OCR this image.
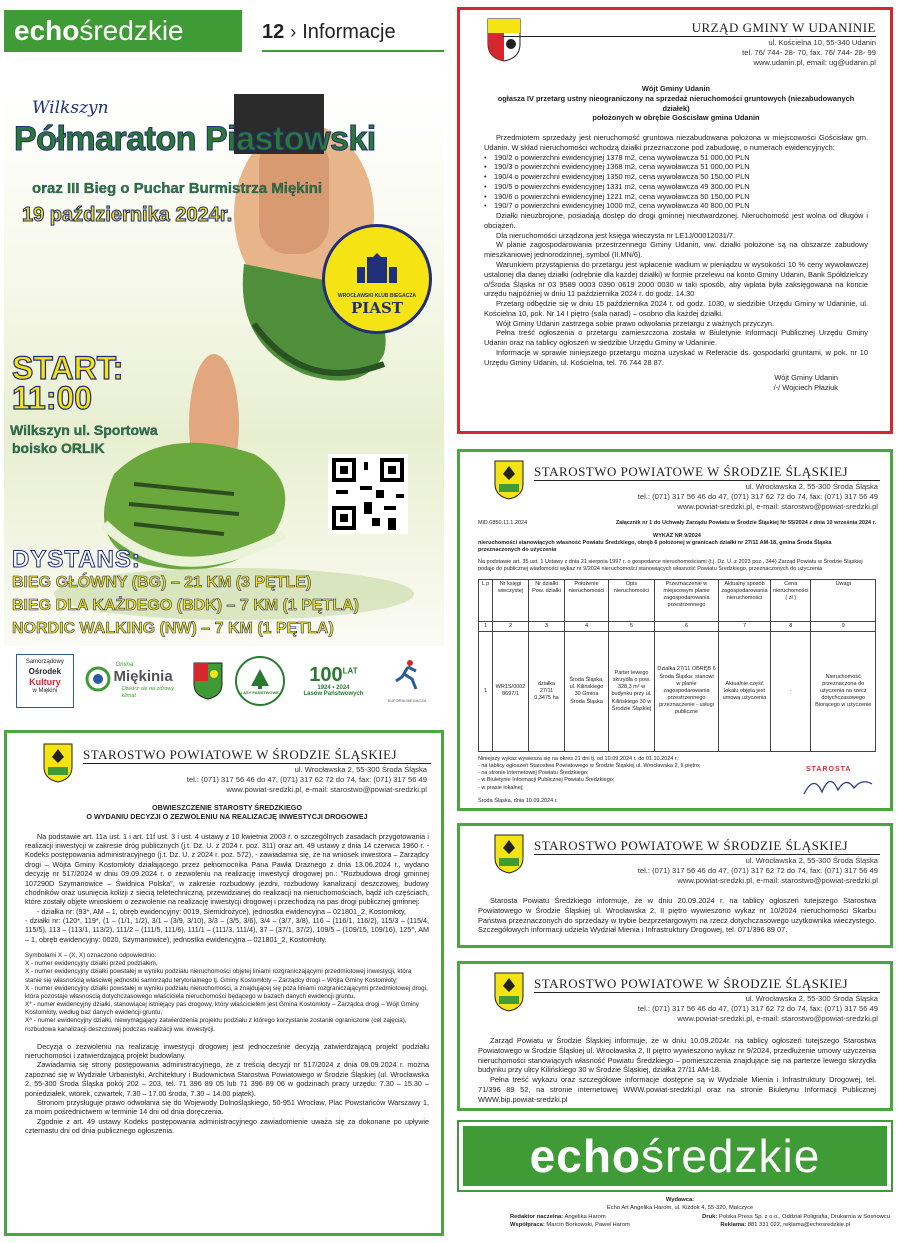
echo średzkie	12 › Informacje
Wilkszyn
Półmaraton Piastowski
oraz III Bieg o Puchar Burmistrza Miękini
19 października 2024r.
WROCŁAWSKI KLUB BIEGACZA
PIAST
START:
11:00
Wilkszyn ul. Sportowa
boisko ORLIK
DYSTANS:
BIEG GŁÓWNY (BG) – 21 KM (3 PĘTLE)
BIEG DLA KAŻDEGO (BDK) – 7 KM (1 PĘTLA)
NORDIC WALKING (NW) – 7 KM (1 PĘTLA)
Samorządowy
Ośrodek
Kultury
w Miękini
Gmina
Miękinia
Otwórz się na zdrowy klimat
LASY PAŃSTWOWE
$100^{LAT}$
1924 • 2024
Lasów Państwowych
EUFORIA BIEGACZA
URZĄD GMINY W UDANINIE
ul. Kościelna 10, 55-340 Udanin
tel. 76/ 744- 28- 70, fax. 76/ 744- 28- 99
www.udanin.pl, email: ug@udanin.pl
Wójt Gminy Udanin
ogłasza IV przetarg ustny nieograniczony na sprzedaż nieruchomości gruntowych (niezabudowanych działek)
położonych w obrębie Gościsław gmina Udanin

Przedmiotem sprzedaży jest nieruchomość gruntowa niezabudowana położona w miejscowości Gościsław gm. Udanin. W skład nieruchomości wchodzą działki przeznaczone pod zabudowę, o numerach ewidencyjnych:

• 190/2 o powierzchni ewidencyjnej 1378 m2, cena wywoławcza 51 000,00 PLN
• 190/3 o powierzchni ewidencyjnej 1368 m2, cena wywoławcza 51 000,00 PLN
• 190/4 o powierzchni ewidencyjnej 1350 m2, cena wywoławcza 50 150,00 PLN
• 190/5 o powierzchni ewidencyjnej 1331 m2, cena wywoławcza 49 300,00 PLN
• 190/6 o powierzchni ewidencyjnej 1221 m2, cena wywoławcza 50 150,00 PLN
• 190/7 o powierzchni ewidencyjnej 1000 m2, cena wywoławcza 40 800,00 PLN

Działki nieuzbrojone, posiadają dostęp do drogi gminnej nieutwardzonej. Nieruchomość jest wolna od długów i obciążeń.

Dla nieruchomości urządzona jest księga wieczysta nr LE1J/00012031/7.

W planie zagospodarowania przestrzennego Gminy Udanin, ww. działki położone są na obszarze zabudowy mieszkaniowej jednorodzinnej, symbol (II.MN/6).

Warunkiem przystąpienia do przetargu jest wpłacenie wadium w pieniądzu w wysokości 10 % ceny wywoławczej ustalonej dla danej działki (odrębnie dla każdej działki) w formie przelewu na konto Gminy Udanin, Bank Spółdzielczy o/Środa Śląska nr 03 9589 0003 0390 0619 2000 0030 w taki sposób, aby wpłata była zaksięgowana na koncie urzędu najpóźniej w dniu 11 października 2024 r. do godz. 14.30

Przetarg odbędzie się w dniu 15 października 2024 r. od godz. 1030, w siedzibie Urzędu Gminy w Udaninie, ul. Kościelna 10, pok. Nr 14 I piętro (sala narad) – osobno dla każdej działki.

Wójt Gminy Udanin zastrzega sobie prawo odwołania przetargu z ważnych przyczyn.

Pełna treść ogłoszenia o przetargu zamieszczona została w Biuletynie Informacji Publicznej Urzędu Gminy Udanin oraz na tablicy ogłoszeń w siedzibie Urzędu Gminy w Udaninie.

Informacje w sprawie niniejszego przetargu można uzyskać w Referacie ds. gospodarki gruntami, w pok. nr 10 Urzędu Gminy Udanin, ul. Kościelna, tel. 76 744 28 87.

Wójt Gminy Udanin
/-/ Wojciech Płaziuk
STAROSTWO POWIATOWE W ŚRODZIE ŚLĄSKIEJ
ul. Wrocławska 2, 55-300 Środa Śląska
tel.: (071) 317 56 46 do 47, (071) 317 62 72 do 74, fax: (071) 317 56 49
www.powiat-sredzki.pl, e-mail: starostwo@powiat-sredzki.pl
MiD.6850.11.1.2024	Załącznik nr 1 do Uchwały Zarządu Powiatu w Środzie Śląskiej Nr 55/2024 z dnia 10 września 2024 r.
WYKAZ NR 9/2024
nieruchomości stanowiących własność Powiatu Średzkiego, obręb 6 położonej w granicach działki nr 27/11 AM-18, gmina Środa Śląska
przeznaczonych do użyczenia
Na podstawie art. 35 ust. 1 Ustawy z dnia 21 sierpnia 1997 r. o gospodarce nieruchomościami (t.j. Dz. U. z 2023 poz., 344) Zarząd Powiatu w Środzie Śląskiej podaje do publicznej wiadomości wykaz nr 9/2024 nieruchomości stanowiących własność Powiatu Średzkiego, przeznaczonych do użyczenia
L p	Nr księgi wieczystej	Nr działki Pow. działki	Położenie nieruchomości	Opis nieruchomości	Przeznaczenie w miejscowym planie zagospodarowania przestrzennego	Aktualny sposób zagospodarowania nieruchomości	Cena nieruchomości ( zł )	Uwagi
1	2	3	4	5	6	7	8	9
1	WR1S/00028697/1	działka 27/11 0,3475 ha	Środa Śląska, ul. Kilińskiego 30 Gmina Środa Śląska	Parter lewego skrzydła o pow. 328,3 m² w budynku przy ul. Kilińskiego 30 w Środzie Śląskiej	Działka 27/11 OBRĘB 6 Środa Śląska: stanowi w planie zagospodarowania przestrzennego przeznaczenie - usługi publiczne	Aktualnie część lokalu objęta jest umową użyczenia	-	Nieruchomość przeznaczona do użyczenia na rzecz dotychczasowego Biorącego w użyczenie
Niniejszy wykaz wywiesza się na okres 21 dni tj. od 10.09.2024 r. do 01.10.2024 r.:
- na tablicy ogłoszeń Starostwa Powiatowego w Środzie Śląskiej ul. Wrocławska 2, II piętro;
- na stronie internetowej Powiatu Średzkiego;
- w Biuletynie Informacji Publicznej Powiatu Średzkiego;
- w prasie lokalnej;
Środa Śląska, dnia 10.09.2024 r.
STAROSTA
STAROSTWO POWIATOWE W ŚRODZIE ŚLĄSKIEJ
ul. Wrocławska 2, 55-300 Środa Śląska
tel.: (071) 317 56 46 do 47, (071) 317 62 72 do 74, fax: (071) 317 56 49
www.powiat-sredzki.pl, e-mail: starostwo@powiat-sredzki.pl

Starosta Powiatu Średzkiego informuje, że w dniu 20.09.2024 r. na tablicy ogłoszeń tutejszego Starostwa Powiatowego w Środzie Śląskiej ul. Wrocławska 2, II piętro wywieszono wykaz nr 10/2024 nieruchomości Skarbu Państwa przeznaczonych do sprzedaży w trybie bezprzetargowym na rzecz dotychczasowego użytkownika wieczystego. Szczegółowych informacji udziela Wydział Mienia i Infrastruktury Drogowej, tel. 071/396 89 07.

STAROSTWO POWIATOWE W ŚRODZIE ŚLĄSKIEJ
ul. Wrocławska 2, 55-300 Środa Śląska
tel.: (071) 317 56 46 do 47, (071) 317 62 72 do 74, fax: (071) 317 56 49
www.powiat-sredzki.pl, e-mail: starostwo@powiat-sredzki.pl

Zarząd Powiatu w Środzie Śląskiej informuje, że w dniu 10.09.2024r. na tablicy ogłoszeń tutejszego Starostwa Powiatowego w Środzie Śląskiej ul. Wrocławska 2, II piętro wywieszono wykaz nr 9/2024, przedłużenie umowy użyczenia nieruchomości stanowiących własność Powiatu Średzkiego – pomieszczenia znajdujące się na parterze lewego skrzydła budynku przy ulicy Kilińskiego 30 w Środzie Śląskiej, działka 27/11 AM-18.

Pełna treść wykazu oraz szczegółowe informacje dostępne są w Wydziale Mienia i Infrastruktury Drogowej, tel. 71/396 89 52, na stronie internetowej WWW.powiat-sredzki.pl oraz na stronie Biuletynu Informacji Publicznej WWW.bip.powiat-sredzki.pl

STAROSTWO POWIATOWE W ŚRODZIE ŚLĄSKIEJ
ul. Wrocławska 2, 55-300 Środa Śląska
tel.: (071) 317 56 46 do 47, (071) 317 62 72 do 74, fax: (071) 317 56 49
www.powiat-sredzki.pl, e-mail: starostwo@powiat-sredzki.pl
OBWIESZCZENIE STAROSTY ŚREDZKIEGO
O WYDANIU DECYZJI O ZEZWOLENIU NA REALIZACJĘ INWESTYCJI DROGOWEJ

Na podstawie art. 11a ust. 1 i art. 11f ust. 3 i ust. 4 ustawy z 10 kwietnia 2003 r. o szczególnych zasadach przygotowania i realizacji inwestycji w zakresie dróg publicznych (j.t. Dz. U. z 2024 r. poz. 311) oraz art. 49 ustawy z dnia 14 czerwca 1960 r. - Kodeks postępowania administracyjnego (j.t. Dz. U. z 2024 r. poz. 572), - zawiadamia się, że na wniosek inwestora – Zarządcy drogi – Wójta Gminy Kostomłoty działającego przez pełnomocnika Pana Pawła Draznego z dnia 13.06.2024 r., wydano decyzję nr 517/2024 w dniu 09.09.2024 r. o zezwoleniu na realizację inwestycji drogowej pn.: "Rozbudowa drogi gminnej 107290D Szymanowice – Świdnica Polska", w zakresie rozbudowy jezdni, rozbudowy kanalizacji deszczowej, budowy chodników oraz usunięcia kolizji z siecią teletechniczną, przewidzianej do realizacji na nieruchomościach, bądź ich częściach, które zostały objęte wnioskiem o zezwolenie na realizację inwestycji drogowej i przechodzą na pas drogi publicznej gminnej:

- działka nr: (93*, AM – 1, obręb ewidencyjny: 0019, Siemidrożyce), jednostka ewidencyjna – 021801_2, Kostomłoty,

- działki nr: (120*, 119*, (1 – (1/1, 1/2), 3/1 – (3/9, 3/10), 3/3 – (3/5, 3/6), 3/4 – (3/7, 3/8), 116 – (116/1, 116/2), 115/3 – (115/4, 115/5), 113 – (113/1, 113/2), 111/2 – (111/5, 111/6), 111/1 – (111/3, 111/4), 37 – (37/1, 37/2), 109/5 – (109/15, 109/16), 125^, AM – 1, obręb ewidencyjny: 0020, Szymanowice), jednostka ewidencyjna – 021801_2, Kostomłoty.

Symbolami X – (X, X) oznaczono odpowiednio:
X - numer ewidencyjny działki przed podziałem,
X - numer ewidencyjny działki powstałej w wyniku podziału nieruchomości objętej liniami rozgraniczającymi przedmiotowej inwestycji, która stanie się własnością właściwej jednostki samorządu terytorialnego tj. Gminy Kostomłoty – Zarządcy drogi – Wójta Gminy Kostomłoty;
X - numer ewidencyjny działki powstałej w wyniku podziału nieruchomości, a znajdującej się poza liniami rozgraniczającymi przedmiotowej drogi, która pozostaje własnością dotychczasowego właściciela nieruchomości będącego w bazach danych ewidencji gruntu,
X* - numer ewidencyjny działki, stanowiącej istniejący pas drogowy, który właścicielem jest Gmina Kostomłoty – Zarządca drogi – Wójt Gminy Kostomłoty, według baz danych ewidencji gruntu,
X^ - numer ewidencyjny działki, niewymagający zatwierdzenia projektu podziału z którego korzystanie zostanie ograniczone (cel zajęcia), rozbudowa kanalizacji deszczowej podczas realizacji ww. inwestycji.

Decyzja o zezwoleniu na realizację inwestycji drogowej jest jednocześnie decyzją zatwierdzającą projekt podziału nieruchomości i zatwierdzającą projekt budowlany.

Zawiadamia się strony postępowania administracyjnego, że z treścią decyzji nr 517/2024 z dnia 09.09.2024 r. można zapoznać się w Wydziale Urbanistyki, Architektury i Budownictwa Starostwa Powiatowego w Środzie Śląskiej (ul. Wrocławska 2, 55-300 Środa Śląska pokój 202 – 203, tel. 71 396 89 05 lub 71 396 89 06 w godzinach pracy urzędu: 7.30 – 15.30 – poniedziałek, wtorek, czwartek, 7.30 – 17.00 środa, 7.30 – 14.00 piątek).

Stronom przysługuje prawo odwołania się do Wojewody Dolnośląskiego, 50-951 Wrocław, Plac Powstańców Warszawy 1, za moim pośrednictwem w terminie 14 dni od dnia doręczenia.

Zgodnie z art. 49 ustawy Kodeks postępowania administracyjnego zawiadomienie uważa się za dokonane po upływie czternastu dni od dnia publicznego ogłoszenia.	echo średzkie
Wydawca:
Echo Art Angelika Harom, ul. Kiźdok 4, 55-320, Malczyce
Redaktor naczelna: Angelika Harom	Druk: Polska Press Sp. z o.o., Oddział Poligrafia, Drukarnia w Sosnowcu
Współpraca: Marcin Borkowski, Paweł Harom	Reklama: 881 331 022, reklama@echosredzkie.pl
